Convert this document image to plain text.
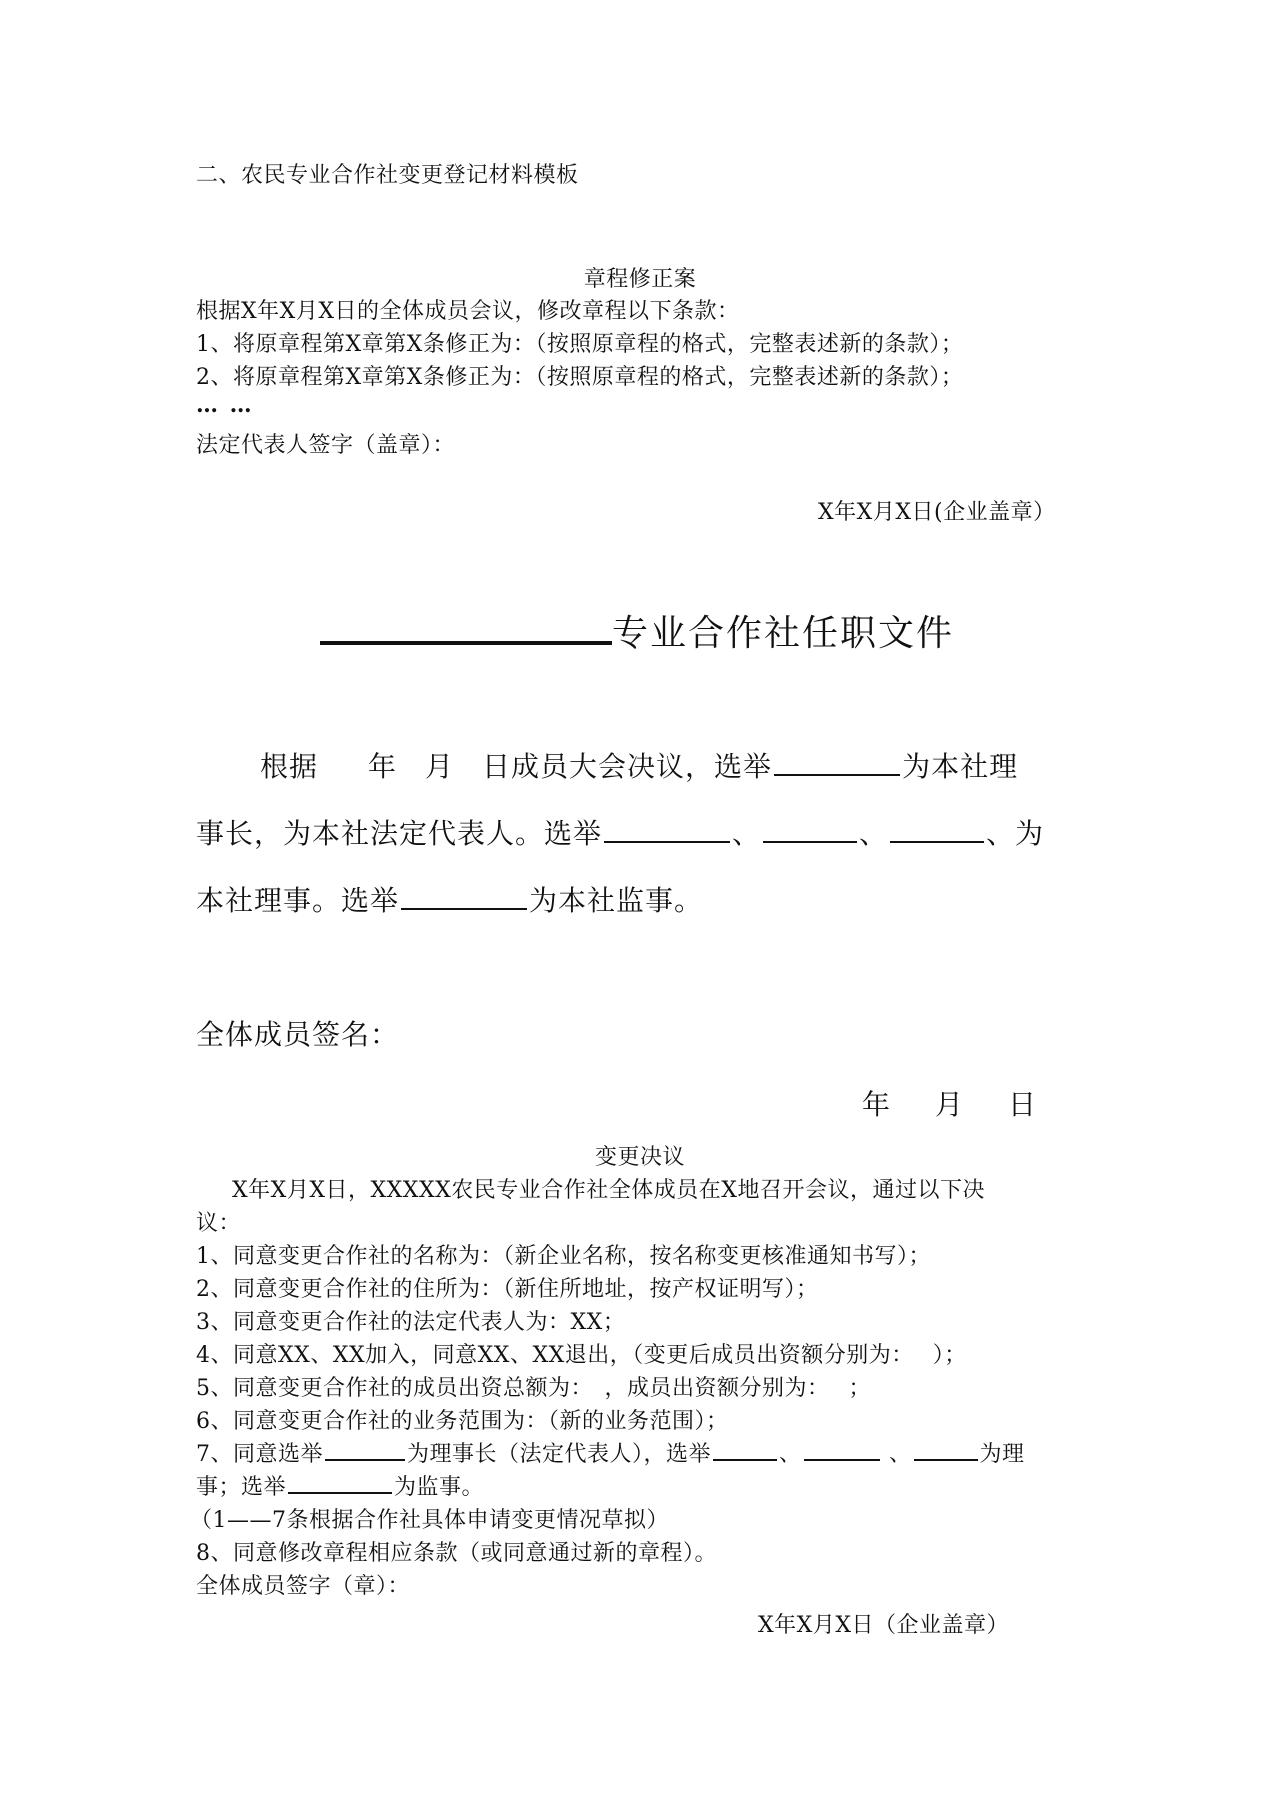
二、农民专业合作社变更登记材料模板
章程修正案
根据X年X月X日的全体成员会议，修改章程以下条款：
1、将原章程第X章第X条修正为：（按照原章程的格式，完整表述新的条款）；
2、将原章程第X章第X条修正为：（按照原章程的格式，完整表述新的条款）；
… …
法定代表人签字（盖章）：
X年X月X日(企业盖章）
专业合作社任职文件
根据 年 月 日成员大会决议，选举	为本社理
事长，为本社法定代表人。选举	、	、	、为
本社理事。选举	为本社监事。
全体成员签名：
年 月 日
变更决议
X年X月X日，XXXXX农民专业合作社全体成员在X地召开会议，通过以下决
议：
1、同意变更合作社的名称为：（新企业名称，按名称变更核准通知书写）；
2、同意变更合作社的住所为：（新住所地址，按产权证明写）；
3、同意变更合作社的法定代表人为：XX；
4、同意XX、XX加入，同意XX、XX退出，（变更后成员出资额分别为：　 ）；
5、同意变更合作社的成员出资总额为：　，成员出资额分别为：　 ；
6、同意变更合作社的业务范围为：（新的业务范围）；
7、同意选举	为理事长（法定代表人），选举	、	、	为理
事；选举	为监事。
（1——7条根据合作社具体申请变更情况草拟）
8、同意修改章程相应条款（或同意通过新的章程）。
全体成员签字（章）：
X年X月X日（企业盖章）
